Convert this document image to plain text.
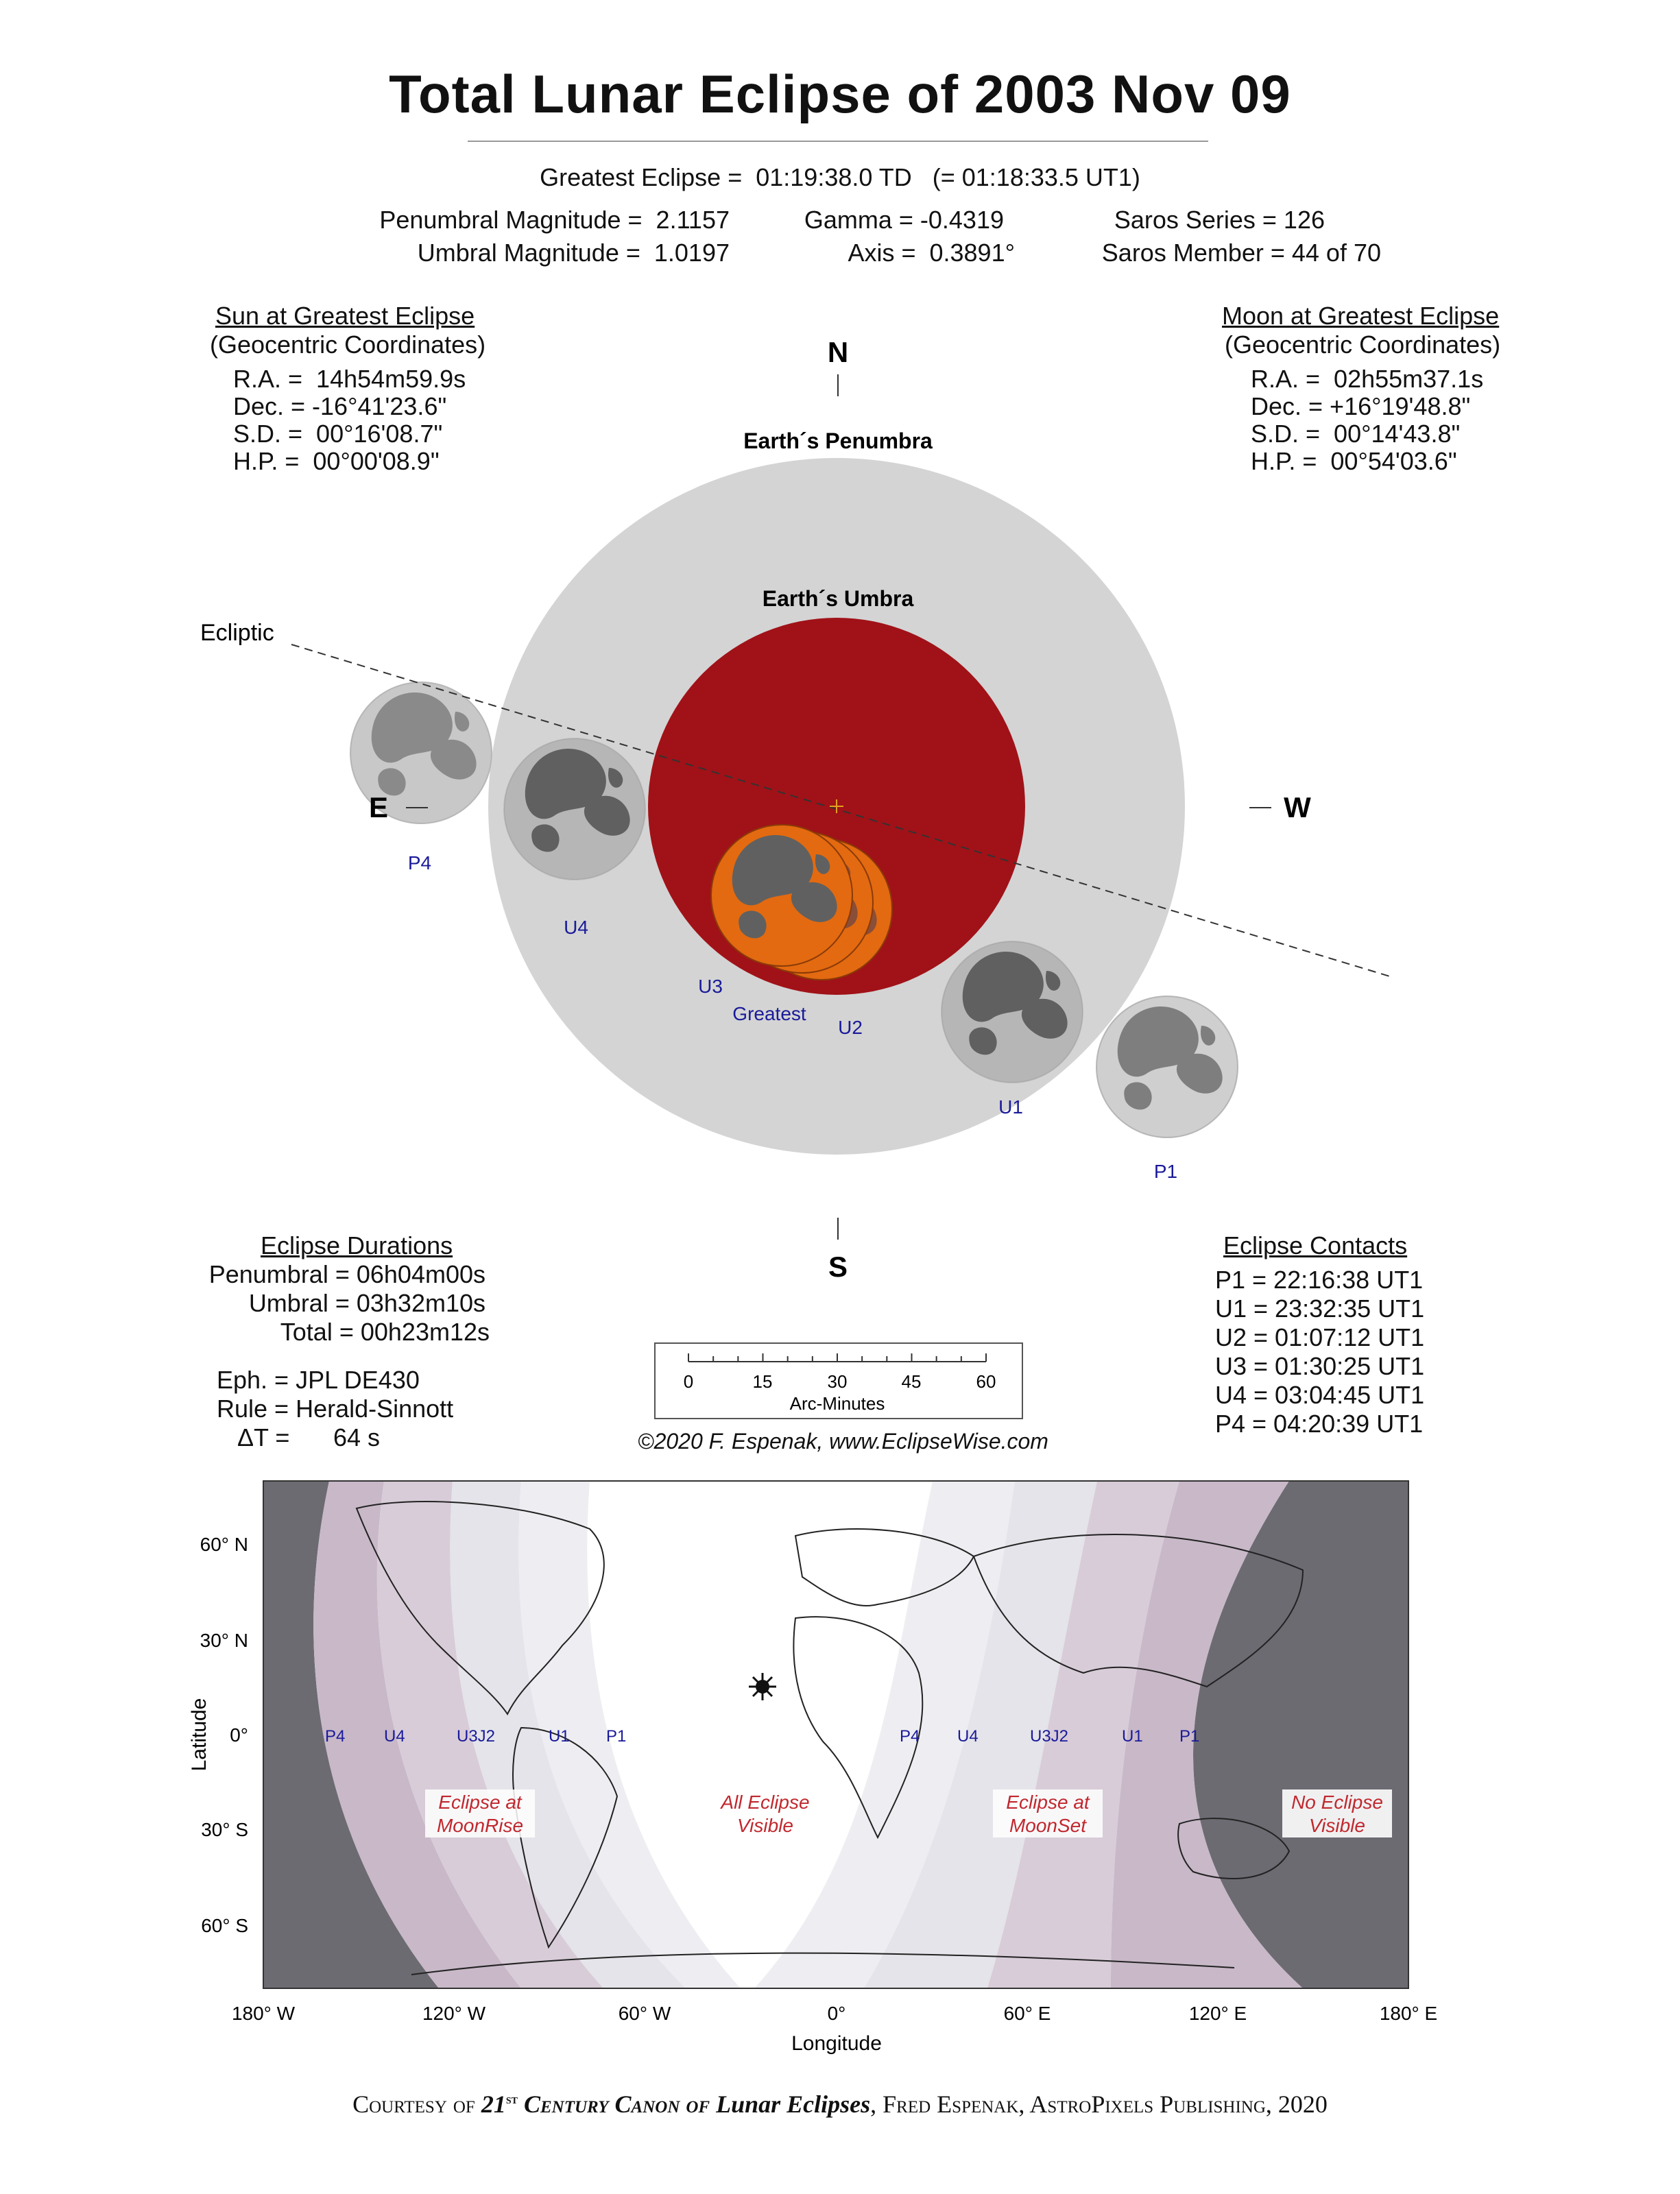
Total Lunar Eclipse of 2003 Nov 09
Greatest Eclipse =  01:19:38.0 TD   (= 01:18:33.5 UT1)
Penumbral Magnitude =  2.1157
Umbral Magnitude =  1.0197
Gamma = -0.4319
Axis =  0.3891°
Saros Series = 126
Saros Member = 44 of 70
Sun at Greatest Eclipse
(Geocentric Coordinates)
R.A. =  14h54m59.9s
Dec. = -16°41'23.6"
S.D. =  00°16'08.7"
H.P. =  00°00'08.9"
Moon at Greatest Eclipse
(Geocentric Coordinates)
R.A. =  02h55m37.1s
Dec. = +16°19'48.8"
S.D. =  00°14'43.8"
H.P. =  00°54'03.6"
N
S
E	W
Earth´s Penumbra
Earth´s Umbra
Ecliptic
P4
U4
U3
Greatest
U2
U1
P1
Eclipse Durations
Penumbral = 06h04m00s
Umbral = 03h32m10s
Total = 00h23m12s
Eph. = JPL DE430
Rule = Herald-Sinnott
ΔT = 64 s
0	15	30	45	60
Arc-Minutes
©2020 F. Espenak, www.EclipseWise.com
Eclipse Contacts
P1 = 22:16:38 UT1
U1 = 23:32:35 UT1
U2 = 01:07:12 UT1
U3 = 01:30:25 UT1
U4 = 03:04:45 UT1
P4 = 04:20:39 UT1
60° N
30° N
0°
30° S
60° S
180° W	120° W	60° W	0°	60° E	120° E	180° E
Longitude
Latitude	P4 U4	U3J2	U1 P1	P4 U4	U3J2	U1 P1
Eclipse at
MoonRise
All Eclipse
Visible
Eclipse at
MoonSet
No Eclipse
Visible
Courtesy of 21st Century Canon of Lunar Eclipses, Fred Espenak, AstroPixels Publishing, 2020
